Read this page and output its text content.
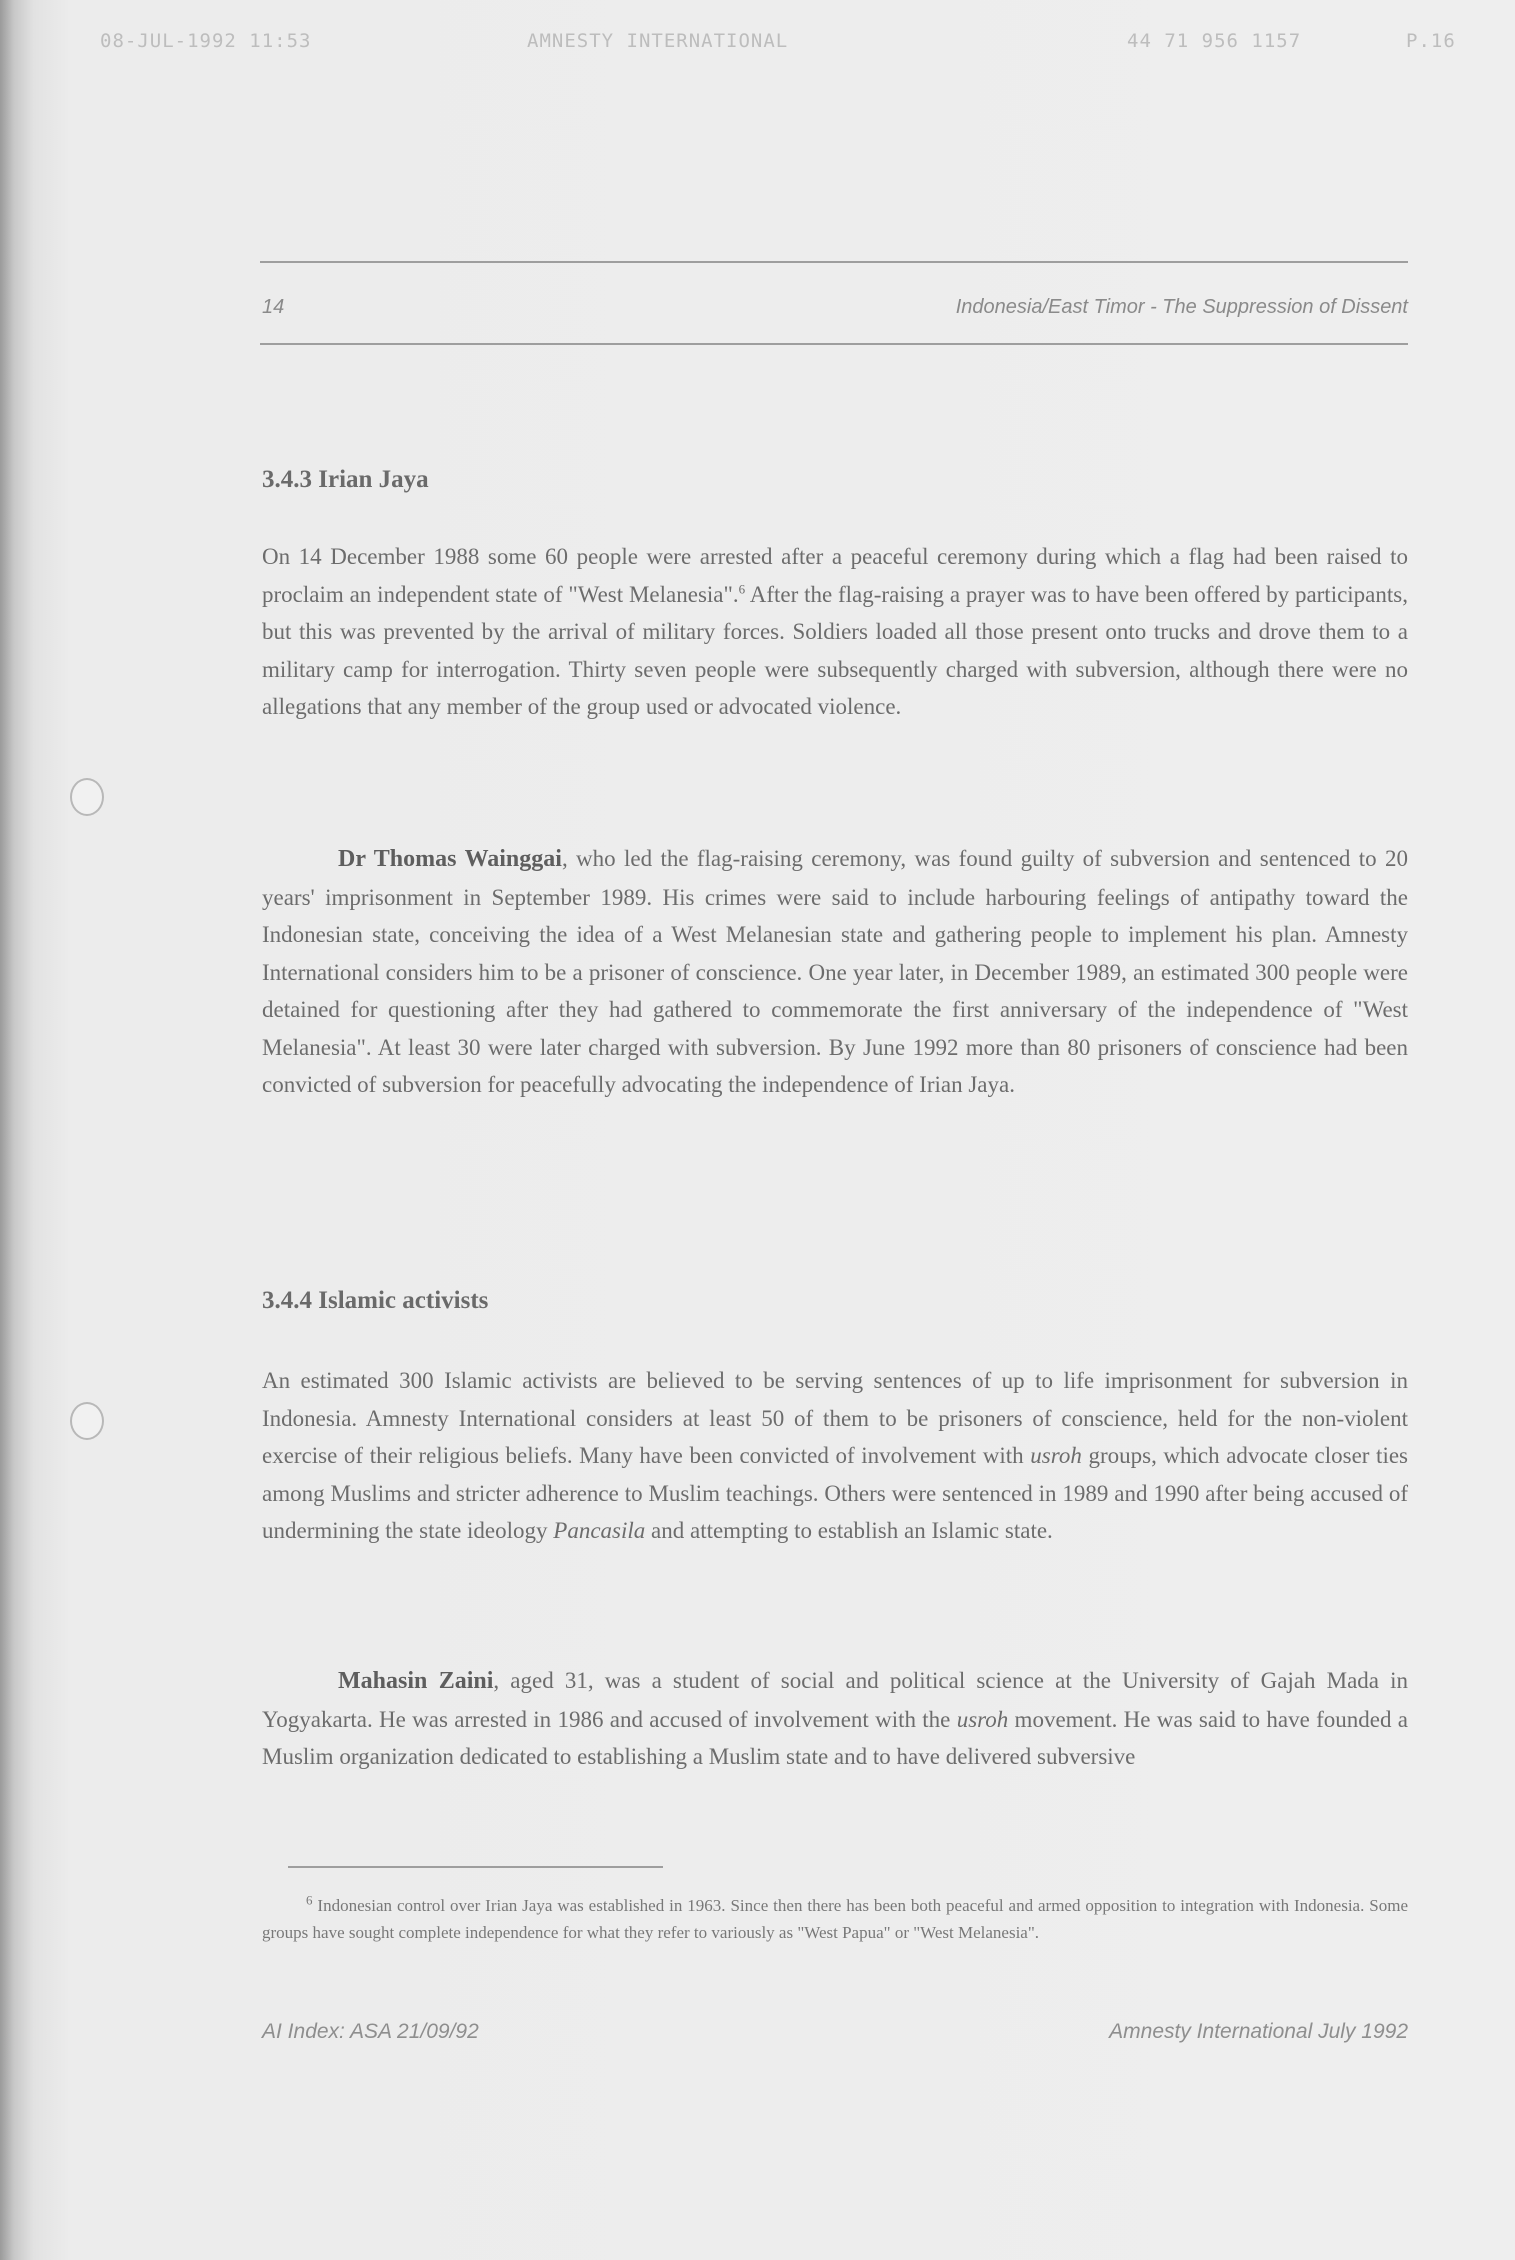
08-JUL-1992 11:53	AMNESTY INTERNATIONAL	44 71 956 1157	P.16
14	Indonesia/East Timor - The Suppression of Dissent
3.4.3 Irian Jaya

On 14 December 1988 some 60 people were arrested after a peaceful ceremony during which a flag had been raised to proclaim an independent state of "West Melanesia".$^6$ After the flag-raising a prayer was to have been offered by participants, but this was prevented by the arrival of military forces. Soldiers loaded all those present onto trucks and drove them to a military camp for interrogation. Thirty seven people were subsequently charged with subversion, although there were no allegations that any member of the group used or advocated violence.

Dr Thomas Wainggai, who led the flag-raising ceremony, was found guilty of subversion and sentenced to 20 years' imprisonment in September 1989. His crimes were said to include harbouring feelings of antipathy toward the Indonesian state, conceiving the idea of a West Melanesian state and gathering people to implement his plan. Amnesty International considers him to be a prisoner of conscience. One year later, in December 1989, an estimated 300 people were detained for questioning after they had gathered to commemorate the first anniversary of the independence of "West Melanesia". At least 30 were later charged with subversion. By June 1992 more than 80 prisoners of conscience had been convicted of subversion for peacefully advocating the independence of Irian Jaya.

3.4.4 Islamic activists

An estimated 300 Islamic activists are believed to be serving sentences of up to life imprisonment for subversion in Indonesia. Amnesty International considers at least 50 of them to be prisoners of conscience, held for the non-violent exercise of their religious beliefs. Many have been convicted of involvement with usroh groups, which advocate closer ties among Muslims and stricter adherence to Muslim teachings. Others were sentenced in 1989 and 1990 after being accused of undermining the state ideology Pancasila and attempting to establish an Islamic state.

Mahasin Zaini, aged 31, was a student of social and political science at the University of Gajah Mada in Yogyakarta. He was arrested in 1986 and accused of involvement with the usroh movement. He was said to have founded a Muslim organization dedicated to establishing a Muslim state and to have delivered subversive

$^6$ Indonesian control over Irian Jaya was established in 1963. Since then there has been both peaceful and armed opposition to integration with Indonesia. Some groups have sought complete independence for what they refer to variously as "West Papua" or "West Melanesia".

AI Index: ASA 21/09/92	Amnesty International July 1992
